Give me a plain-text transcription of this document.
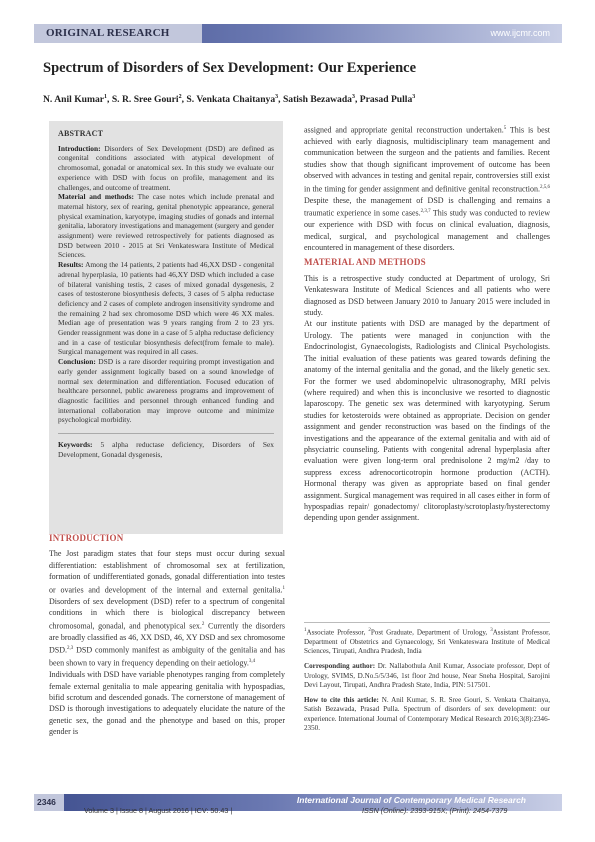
ORIGINAL RESEARCH	www.ijcmr.com
Spectrum of Disorders of Sex Development: Our Experience
N. Anil Kumar$^1$, S. R. Sree Gouri$^2$, S. Venkata Chaitanya$^3$, Satish Bezawada$^3$, Prasad Pulla$^3$
ABSTRACT

Introduction: Disorders of Sex Development (DSD) are defined as congenital conditions associated with atypical development of chromosomal, gonadal or anatomical sex. In this study we evaluate our experience with DSD with focus on profile, management and its challenges, and outcome of treatment.

Material and methods: The case notes which include prenatal and maternal history, sex of rearing, genital phenotypic appearance, general physical examination, karyotype, imaging studies of gonads and internal genitalia, laboratory investigations and management (surgery and gender assignment) were reviewed retrospectively for patients diagnosed as DSD between 2010 - 2015 at Sri Venkateswara Institute of Medical Sciences.

Results: Among the 14 patients, 2 patients had 46,XX DSD - congenital adrenal hyperplasia, 10 patients had 46,XY DSD which included a case of bilateral vanishing testis, 2 cases of mixed gonadal dysgenesis, 2 cases of testosterone biosynthesis defects, 3 cases of 5 alpha reductase deficiency and 2 cases of complete androgen insensitivity syndrome and the remaining 2 had sex chromosome DSD which were 46 XX males. Median age of presentation was 9 years ranging from 2 to 23 yrs. Gender reassignment was done in a case of 5 alpha reductase deficiency and in a case of testicular biosynthesis defect(from female to male). Surgical management was required in all cases.

Conclusion: DSD is a rare disorder requiring prompt investigation and early gender assignment logically based on a sound knowledge of normal sex determination and differentiation. Focused education of healthcare personnel, public awareness programs and improvement of diagnostic facilities and personnel through enhanced funding and international collaboration may improve outcome and minimize psychological morbidity.

Keywords: 5 alpha reductase deficiency, Disorders of Sex Development, Gonadal dysgenesis,

INTRODUCTION

The Jost paradigm states that four steps must occur during sexual differentiation: establishment of chromosomal sex at fertilization, formation of undifferentiated gonads, gonadal differentiation into testes or ovaries and development of the internal and external genitalia.$^1$ Disorders of sex development (DSD) refer to a spectrum of congenital conditions in which there is biological discrepancy between chromosomal, gonadal, and phenotypical sex.$^2$ Currently the disorders are broadly classified as 46, XX DSD, 46, XY DSD and sex chromosome DSD.$^{2,3}$ DSD commonly manifest as ambiguity of the genitalia and has been shown to vary in frequency depending on their aetiology.$^{3,4}$

Individuals with DSD have variable phenotypes ranging from completely female external genitalia to male appearing genitalia with hypospadias, bifid scrotum and descended gonads. The cornerstone of management of DSD is thorough investigations to adequately elucidate the nature of the genetic sex, the gonad and the phenotype and based on this, proper gender is

assigned and appropriate genital reconstruction undertaken.$^5$ This is best achieved with early diagnosis, multidisciplinary team management and communication between the surgeon and the patients and families. Recent studies show that though significant improvement of outcome has been observed with advances in testing and genital repair, controversies still exist in the timing for gender assignment and definitive genital reconstruction.$^{2,5,6}$ Despite these, the management of DSD is challenging and remains a traumatic experience in some cases.$^{2,3,7}$ This study was conducted to review our experience with DSD with focus on clinical evaluation, diagnosis, medical, surgical, and psychological management and challenges encountered in management of these disorders.

MATERIAL AND METHODS

This is a retrospective study conducted at Department of urology, Sri Venkateswara Institute of Medical Sciences and all patients who were diagnosed as DSD between January 2010 to January 2015 were included in study.

At our institute patients with DSD are managed by the department of Urology. The patients were managed in conjunction with the Endocrinologist, Gynaecologists, Radiologists and Clinical Psychologists. The initial evaluation of these patients was geared towards defining the anatomy of the internal genitalia and the gonad, and the likely genetic sex. For the former we used abdominopelvic ultrasonography, MRI pelvis (where required) and when this is inconclusive we resorted to diagnostic laparoscopy. The genetic sex was determined with karyotyping. Serum studies for ketosteroids were obtained as appropriate. Decision on gender assignment and gender reconstruction was based on the findings of the investigations and the appearance of the external genitalia and with aid of phsyciatric counseling. Patients with congenital adrenal hyperplasia after evaluation were given long-term oral prednisolone 2 mg/m2 /day to suppress excess adrenocorticotropin hormone production (ACTH). Hormonal therapy was given as appropriate based on final gender assignment. Surgical management was required in all cases either in form of hypospadias repair/ gonadectomy/ clitoroplasty/scrotoplasty/hysterectomy depending upon gender assignment.

$^1$Associate Professor, $^2$Post Graduate, Department of Urology, $^3$Assistant Professor, Department of Obstetrics and Gynaecology, Sri Venkateswara Institute of Medical Sciences, Tirupati, Andhra Pradesh, India

Corresponding author: Dr. Nallabothula Anil Kumar, Associate professor, Dept of Urology, SVIMS, D.No.5/5/346, 1st floor 2nd house, Near Sneha Hospital, Sarojini Devi Layout, Tirupati, Andhra Pradesh State, India, PIN: 517501.

How to cite this article: N. Anil Kumar, S. R. Sree Gouri, S. Venkata Chaitanya, Satish Bezawada, Prasad Pulla. Spectrum of disorders of sex development: our experience. International Journal of Contemporary Medical Research 2016;3(8):2346-2350.

2346	International Journal of Contemporary Medical Research
Volume 3 | Issue 8 | August 2016 | ICV: 50.43 |	ISSN (Online): 2393-915X; (Print): 2454-7379
